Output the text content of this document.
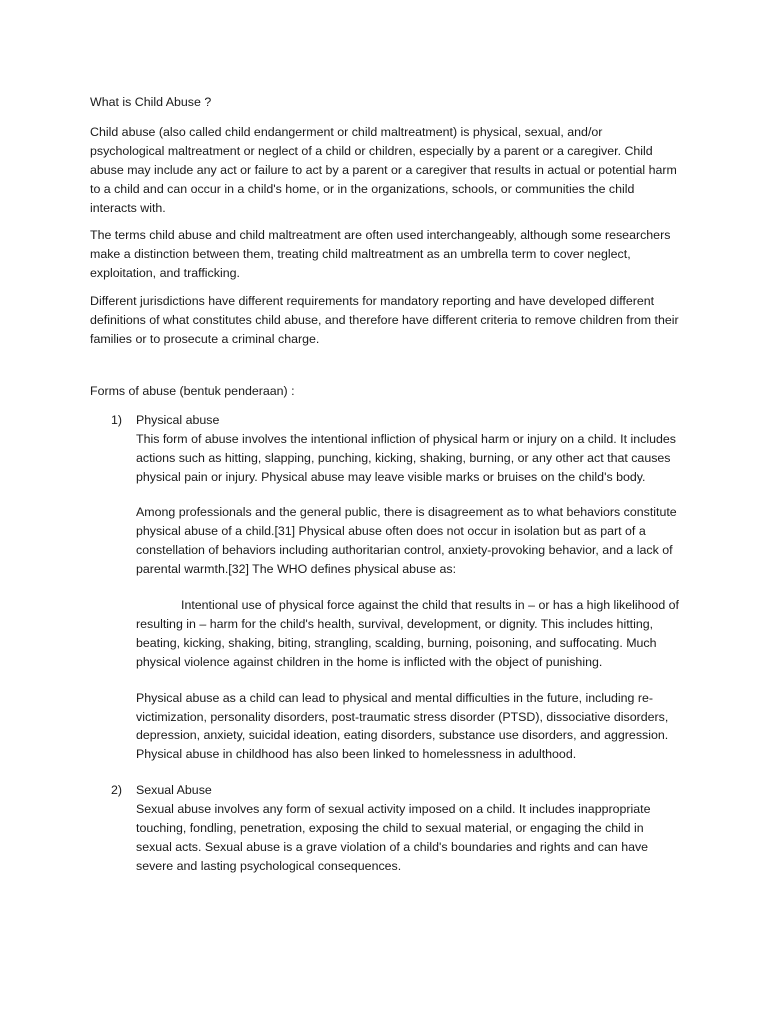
What is Child Abuse ?

Child abuse (also called child endangerment or child maltreatment) is physical, sexual, and/or psychological maltreatment or neglect of a child or children, especially by a parent or a caregiver. Child abuse may include any act or failure to act by a parent or a caregiver that results in actual or potential harm to a child and can occur in a child's home, or in the organizations, schools, or communities the child interacts with.

The terms child abuse and child maltreatment are often used interchangeably, although some researchers make a distinction between them, treating child maltreatment as an umbrella term to cover neglect, exploitation, and trafficking.

Different jurisdictions have different requirements for mandatory reporting and have developed different definitions of what constitutes child abuse, and therefore have different criteria to remove children from their families or to prosecute a criminal charge.

Forms of abuse (bentuk penderaan) :

1) Physical abuse

This form of abuse involves the intentional infliction of physical harm or injury on a child. It includes actions such as hitting, slapping, punching, kicking, shaking, burning, or any other act that causes physical pain or injury. Physical abuse may leave visible marks or bruises on the child's body.

Among professionals and the general public, there is disagreement as to what behaviors constitute physical abuse of a child.[31] Physical abuse often does not occur in isolation but as part of a constellation of behaviors including authoritarian control, anxiety-provoking behavior, and a lack of parental warmth.[32] The WHO defines physical abuse as:

Intentional use of physical force against the child that results in – or has a high likelihood of resulting in – harm for the child's health, survival, development, or dignity. This includes hitting, beating, kicking, shaking, biting, strangling, scalding, burning, poisoning, and suffocating. Much physical violence against children in the home is inflicted with the object of punishing.

Physical abuse as a child can lead to physical and mental difficulties in the future, including re-victimization, personality disorders, post-traumatic stress disorder (PTSD), dissociative disorders, depression, anxiety, suicidal ideation, eating disorders, substance use disorders, and aggression. Physical abuse in childhood has also been linked to homelessness in adulthood.

2) Sexual Abuse

Sexual abuse involves any form of sexual activity imposed on a child. It includes inappropriate touching, fondling, penetration, exposing the child to sexual material, or engaging the child in sexual acts. Sexual abuse is a grave violation of a child's boundaries and rights and can have severe and lasting psychological consequences.
